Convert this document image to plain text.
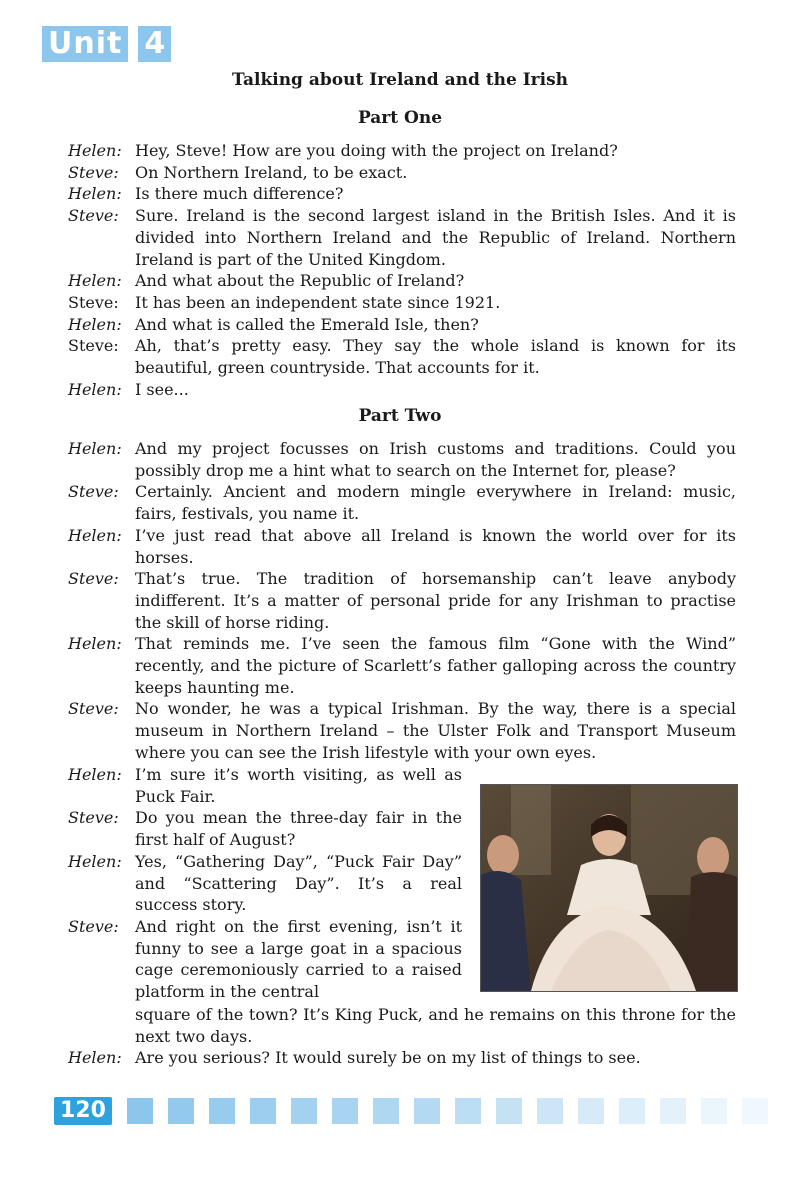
Unit 4
Talking about Ireland and the Irish
Part One
Helen: Hey, Steve! How are you doing with the project on Ireland?
Steve:	On Northern Ireland, to be exact.
Helen: Is there much difference?
Steve:	Sure. Ireland is the second largest island in the British Isles. And it is divided into Northern Ireland and the Republic of Ireland. Northern Ireland is part of the United Kingdom.
Helen: And what about the Republic of Ireland?
Steve:	It has been an independent state since 1921.
Helen: And what is called the Emerald Isle, then?
Steve:	Ah, that’s pretty easy. They say the whole island is known for its beautiful, green countryside. That accounts for it.
Helen: I see...
Part Two
Helen: And my project focusses on Irish customs and traditions. Could you possibly drop me a hint what to search on the Internet for, please?
Steve:	Certainly. Ancient and modern mingle everywhere in Ireland: music, fairs, festivals, you name it.
Helen: I’ve just read that above all Ireland is known the world over for its horses.
Steve:	That’s true. The tradition of horsemanship can’t leave anybody indifferent. It’s a matter of personal pride for any Irishman to practise the skill of horse riding.
Helen: That reminds me. I’ve seen the famous film “Gone with the Wind” recently, and the picture of Scarlett’s father galloping across the country keeps haunting me.
Steve:	No wonder, he was a typical Irishman. By the way, there is a special museum in Northern Ireland – the Ulster Folk and Transport Museum where you can see the Irish lifestyle with your own eyes.
Helen: I’m sure it’s worth visiting, as well as Puck Fair.
Steve:	Do you mean the three-day fair in the first half of August?
Helen: Yes, “Gathering Day”, “Puck Fair Day” and “Scattering Day”. It’s a real success story.
Steve:	And right on the first evening, isn’t it funny to see a large goat in a spacious cage ceremoniously carried to a raised platform in the central
square of the town? It’s King Puck, and he remains on this throne for the next two days.
Helen: Are you serious? It would surely be on my list of things to see.
120
